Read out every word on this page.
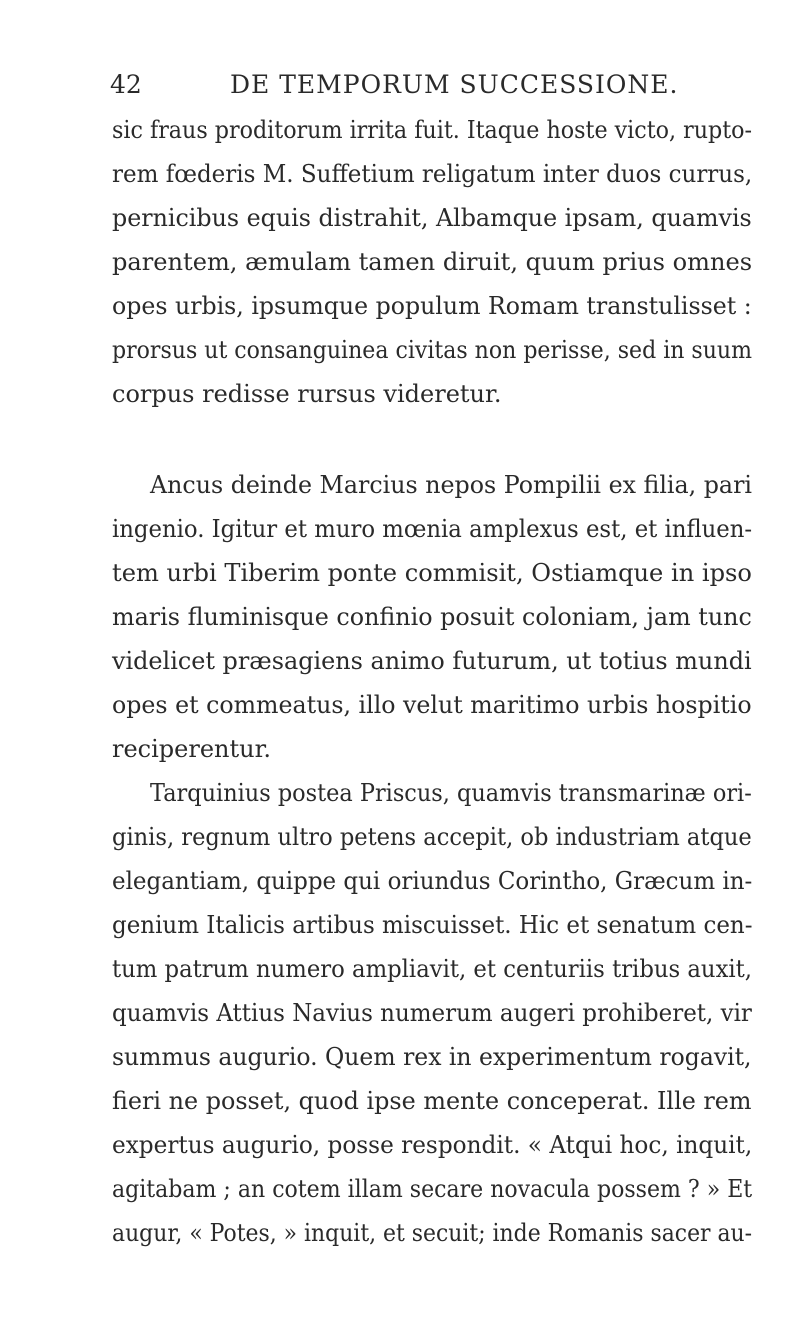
42	DE TEMPORUM SUCCESSIONE.
sic fraus proditorum irrita fuit. Itaque hoste victo, rupto-
rem fœderis M. Suffetium religatum inter duos currus,
pernicibus equis distrahit, Albamque ipsam, quamvis
parentem, æmulam tamen diruit, quum prius omnes
opes urbis, ipsumque populum Romam transtulisset :
prorsus ut consanguinea civitas non perisse, sed in suum
corpus redisse rursus videretur.
Ancus deinde Marcius nepos Pompilii ex filia, pari
ingenio. Igitur et muro mœnia amplexus est, et influen-
tem urbi Tiberim ponte commisit, Ostiamque in ipso
maris fluminisque confinio posuit coloniam, jam tunc
videlicet præsagiens animo futurum, ut totius mundi
opes et commeatus, illo velut maritimo urbis hospitio
reciperentur.
Tarquinius postea Priscus, quamvis transmarinæ ori-
ginis, regnum ultro petens accepit, ob industriam atque
elegantiam, quippe qui oriundus Corintho, Græcum in-
genium Italicis artibus miscuisset. Hic et senatum cen-
tum patrum numero ampliavit, et centuriis tribus auxit,
quamvis Attius Navius numerum augeri prohiberet, vir
summus augurio. Quem rex in experimentum rogavit,
fieri ne posset, quod ipse mente conceperat. Ille rem
expertus augurio, posse respondit. « Atqui hoc, inquit,
agitabam ; an cotem illam secare novacula possem ? » Et
augur, « Potes, » inquit, et secuit; inde Romanis sacer au-
